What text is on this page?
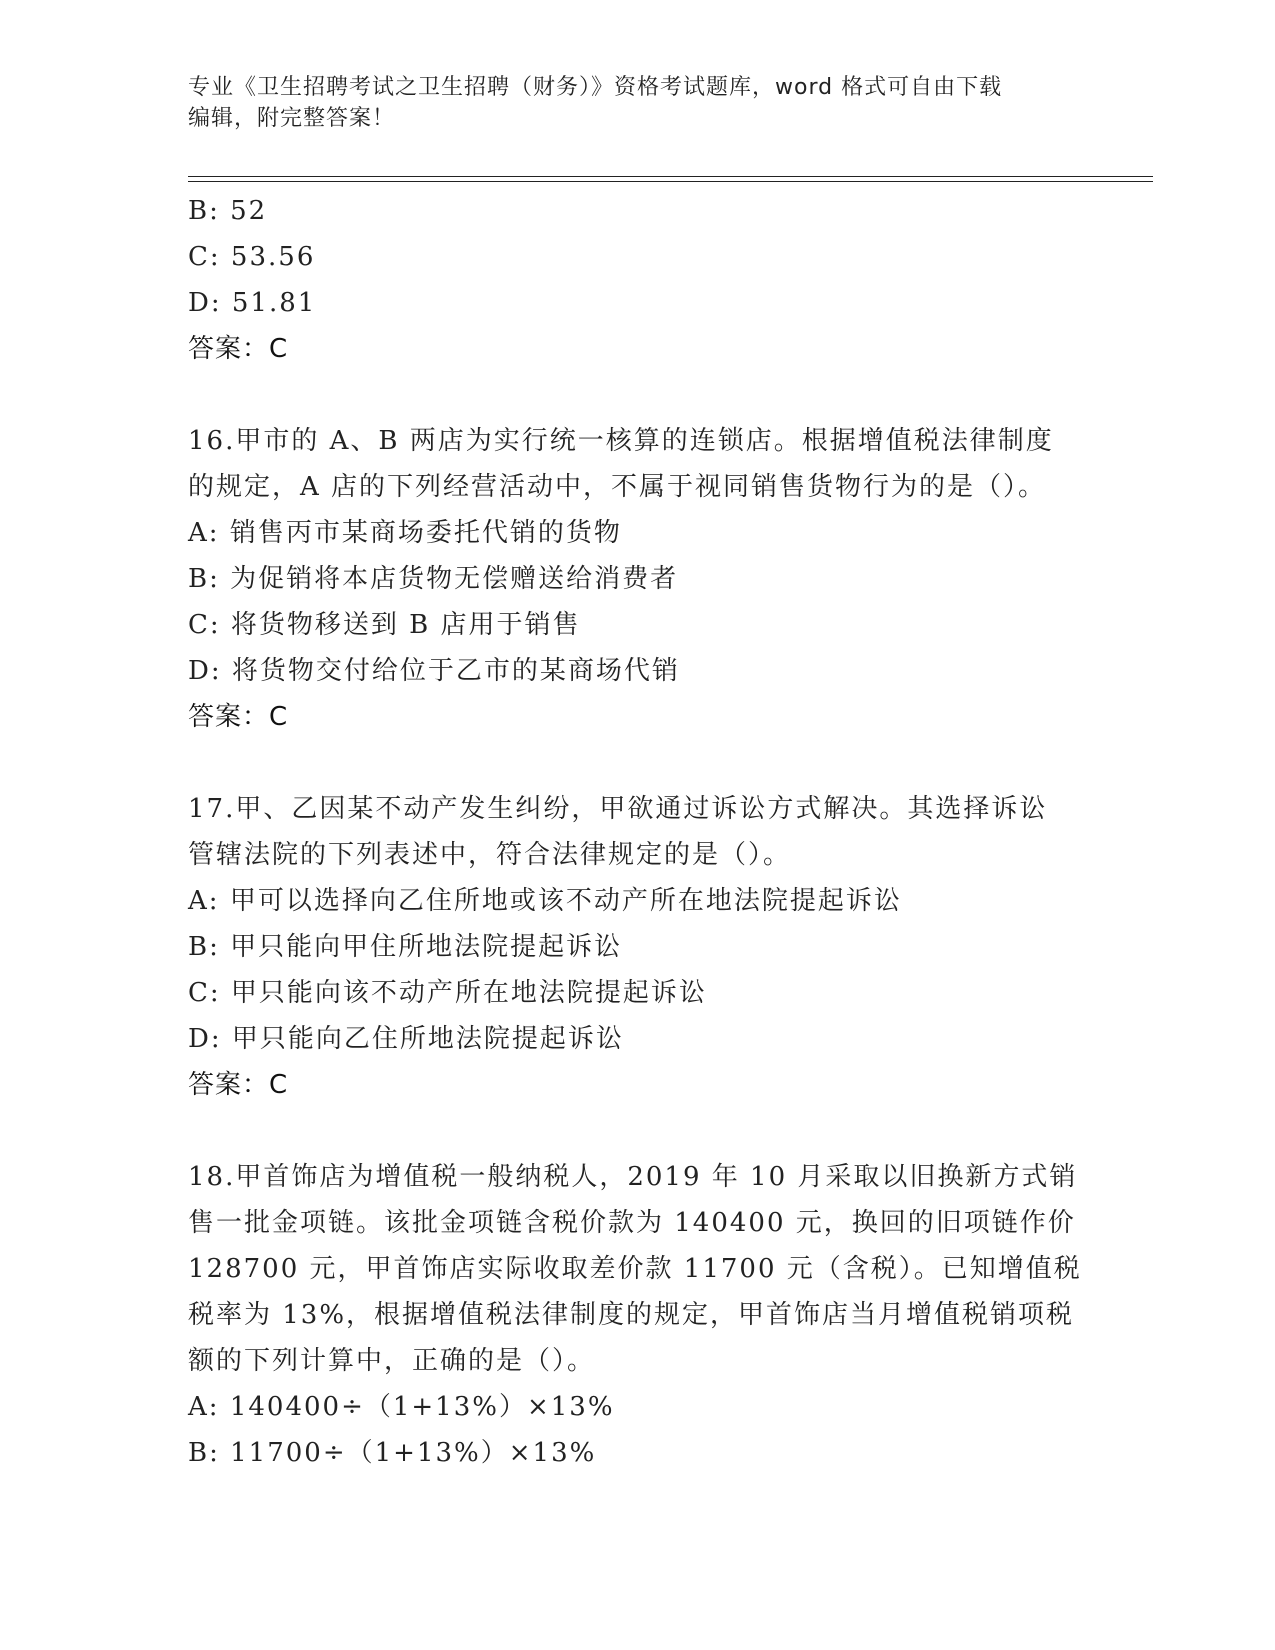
专业《卫生招聘考试之卫生招聘（财务）》资格考试题库，word 格式可自由下载
编辑，附完整答案！
B: 52
C: 53.56
D: 51.81
答案：C
16.甲市的 A、B 两店为实行统一核算的连锁店。根据增值税法律制度
的规定，A 店的下列经营活动中，不属于视同销售货物行为的是（）。
A: 销售丙市某商场委托代销的货物
B: 为促销将本店货物无偿赠送给消费者
C: 将货物移送到 B 店用于销售
D: 将货物交付给位于乙市的某商场代销
答案：C
17.甲、乙因某不动产发生纠纷，甲欲通过诉讼方式解决。其选择诉讼
管辖法院的下列表述中，符合法律规定的是（）。
A: 甲可以选择向乙住所地或该不动产所在地法院提起诉讼
B: 甲只能向甲住所地法院提起诉讼
C: 甲只能向该不动产所在地法院提起诉讼
D: 甲只能向乙住所地法院提起诉讼
答案：C
18.甲首饰店为增值税一般纳税人，2019 年 10 月采取以旧换新方式销
售一批金项链。该批金项链含税价款为 140400 元，换回的旧项链作价
128700 元，甲首饰店实际收取差价款 11700 元（含税）。已知增值税
税率为 13%，根据增值税法律制度的规定，甲首饰店当月增值税销项税
额的下列计算中，正确的是（）。
A: 140400÷（1+13%）×13%
B: 11700÷（1+13%）×13%
